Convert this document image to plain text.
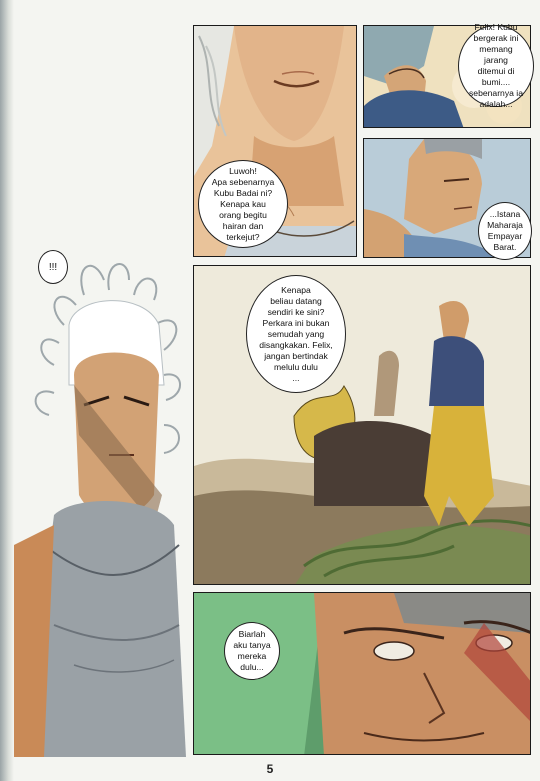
Luwoh!
Apa sebenarnya
Kubu Badai ni?
Kenapa kau
orang begitu
hairan dan
terkejut?
Felix! Kubu
bergerak ini
memang jarang
ditemui di bumi....
sebenarnya ia
adalah...
...Istana
Maharaja
Empayar
Barat.
!!!
Kenapa
beliau datang
sendiri ke sini?
Perkara ini bukan
semudah yang
disangkakan. Felix,
jangan bertindak
melulu dulu
...
Biarlah
aku tanya
mereka
dulu...
5
